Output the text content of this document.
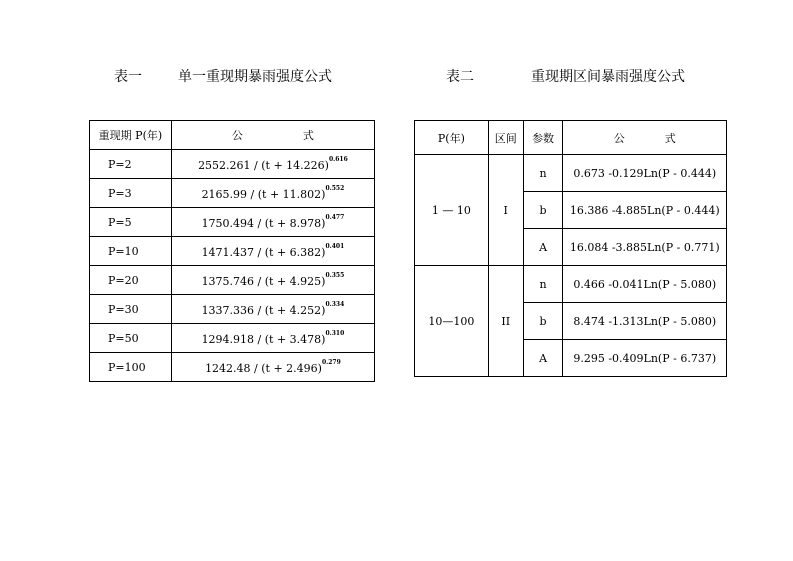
表一	单一重现期暴雨强度公式	表二	重现期区间暴雨强度公式
重现期 P(年)	公 式
P=2	$2552.261 / (t + 14.226)^{0.616}$
P=3	$2165.99 / (t + 11.802)^{0.552}$
P=5	$1750.494 / (t + 8.978)^{0.477}$
P=10	$1471.437 / (t + 6.382)^{0.401}$
P=20	$1375.746 / (t + 4.925)^{0.355}$
P=30	$1337.336 / (t + 4.252)^{0.334}$
P=50	$1294.918 / (t + 3.478)^{0.310}$
P=100	$1242.48 / (t + 2.496)^{0.279}$
P(年)	区间	参数	公 式
1 — 10	I	n	0.673 -0.129Ln(P - 0.444)
		b	16.386 -4.885Ln(P - 0.444)
		A	16.084 -3.885Ln(P - 0.771)
10—100	II	n	0.466 -0.041Ln(P - 5.080)
		b	8.474 -1.313Ln(P - 5.080)
		A	9.295 -0.409Ln(P - 6.737)
